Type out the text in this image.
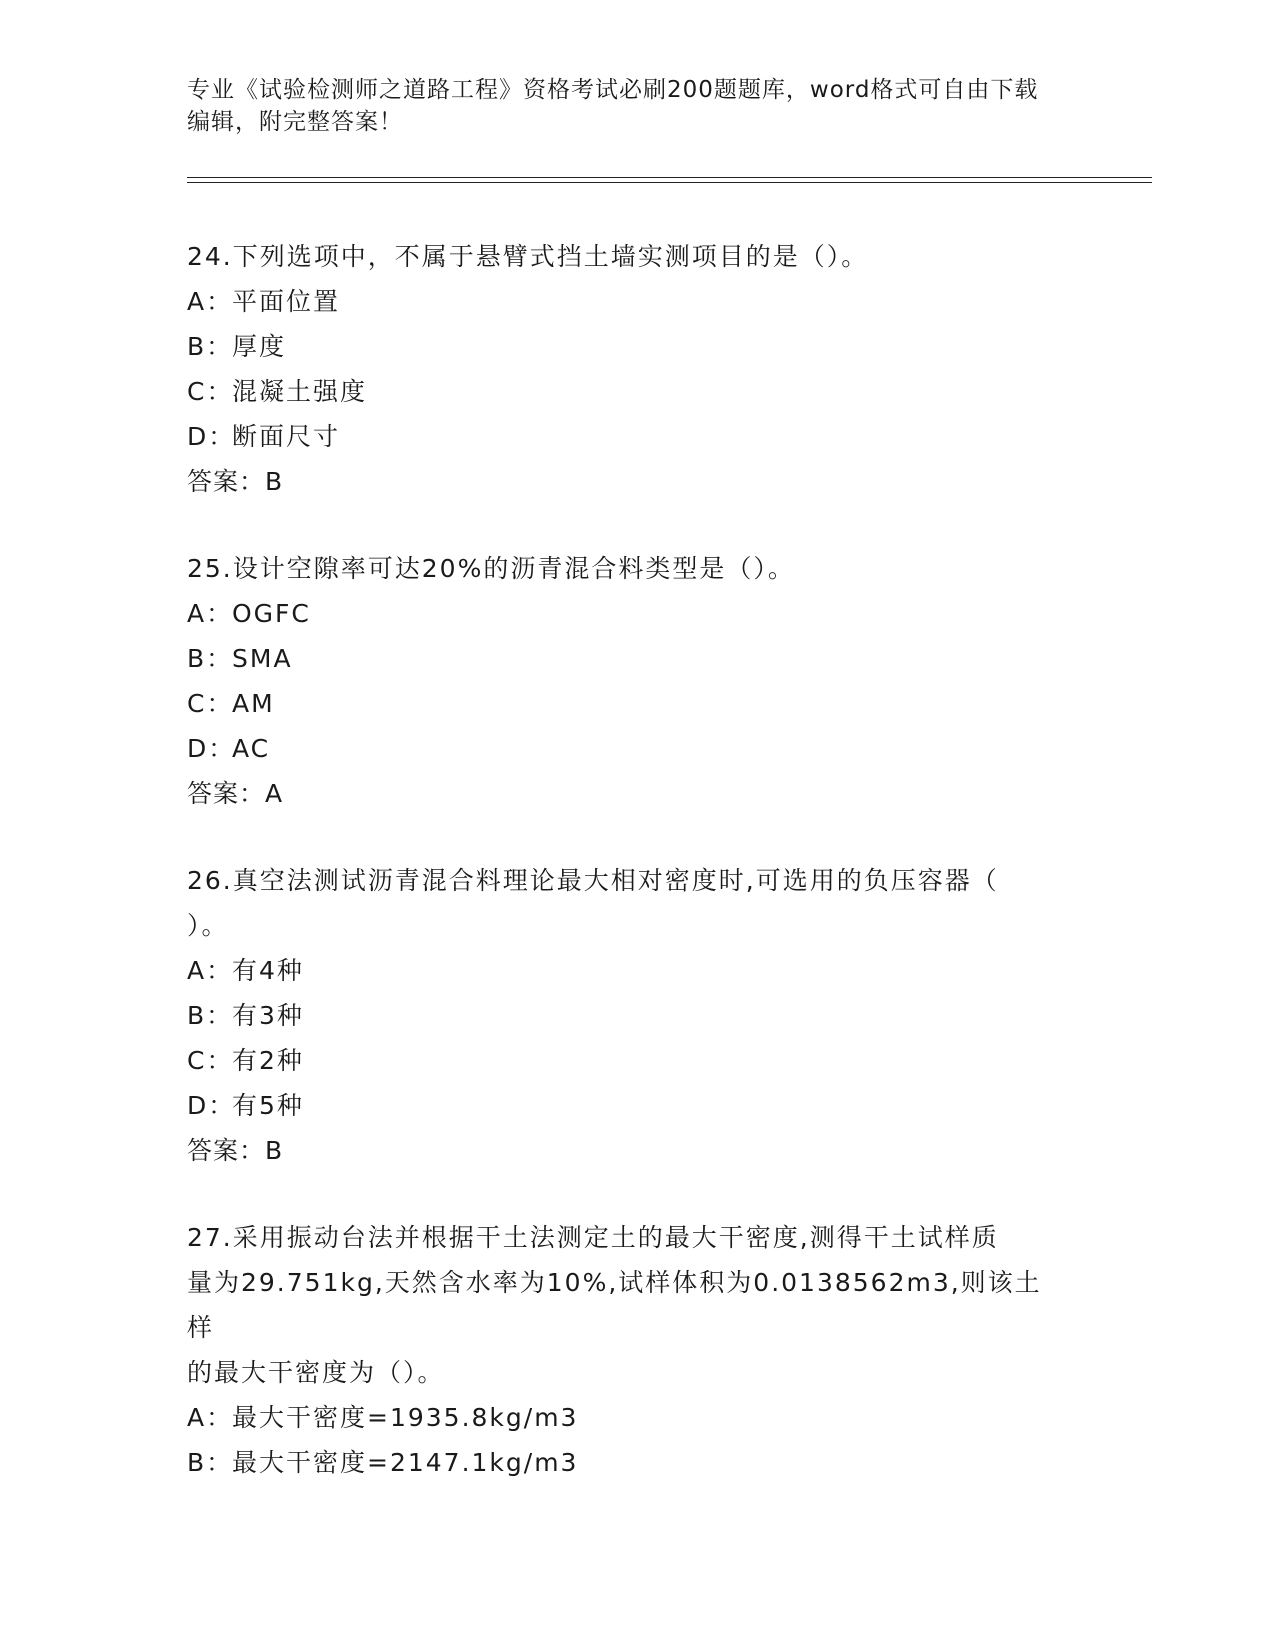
专业《试验检测师之道路工程》资格考试必刷200题题库，word格式可自由下载
编辑，附完整答案！
24.下列选项中，不属于悬臂式挡土墙实测项目的是（）。
A：
平面位置
B：
厚度
C：
混凝土强度
D：
断面尺寸
答案：B
25.设计空隙率可达20%的沥青混合料类型是（）。
A：
OGFC
B：
SMA
C：
AM
D：
AC
答案：A
26.真空法测试沥青混合料理论最大相对密度时,可选用的负压容器（
）。
A：
有4种
B：
有3种
C：
有2种
D：
有5种
答案：B
27.采用振动台法并根据干土法测定土的最大干密度,测得干土试样质
量为29.751kg,天然含水率为10%,试样体积为0.0138562m3,则该土样
的最大干密度为（）。
A：
最大干密度=1935.8kg/m3
B：
最大干密度=2147.1kg/m3
